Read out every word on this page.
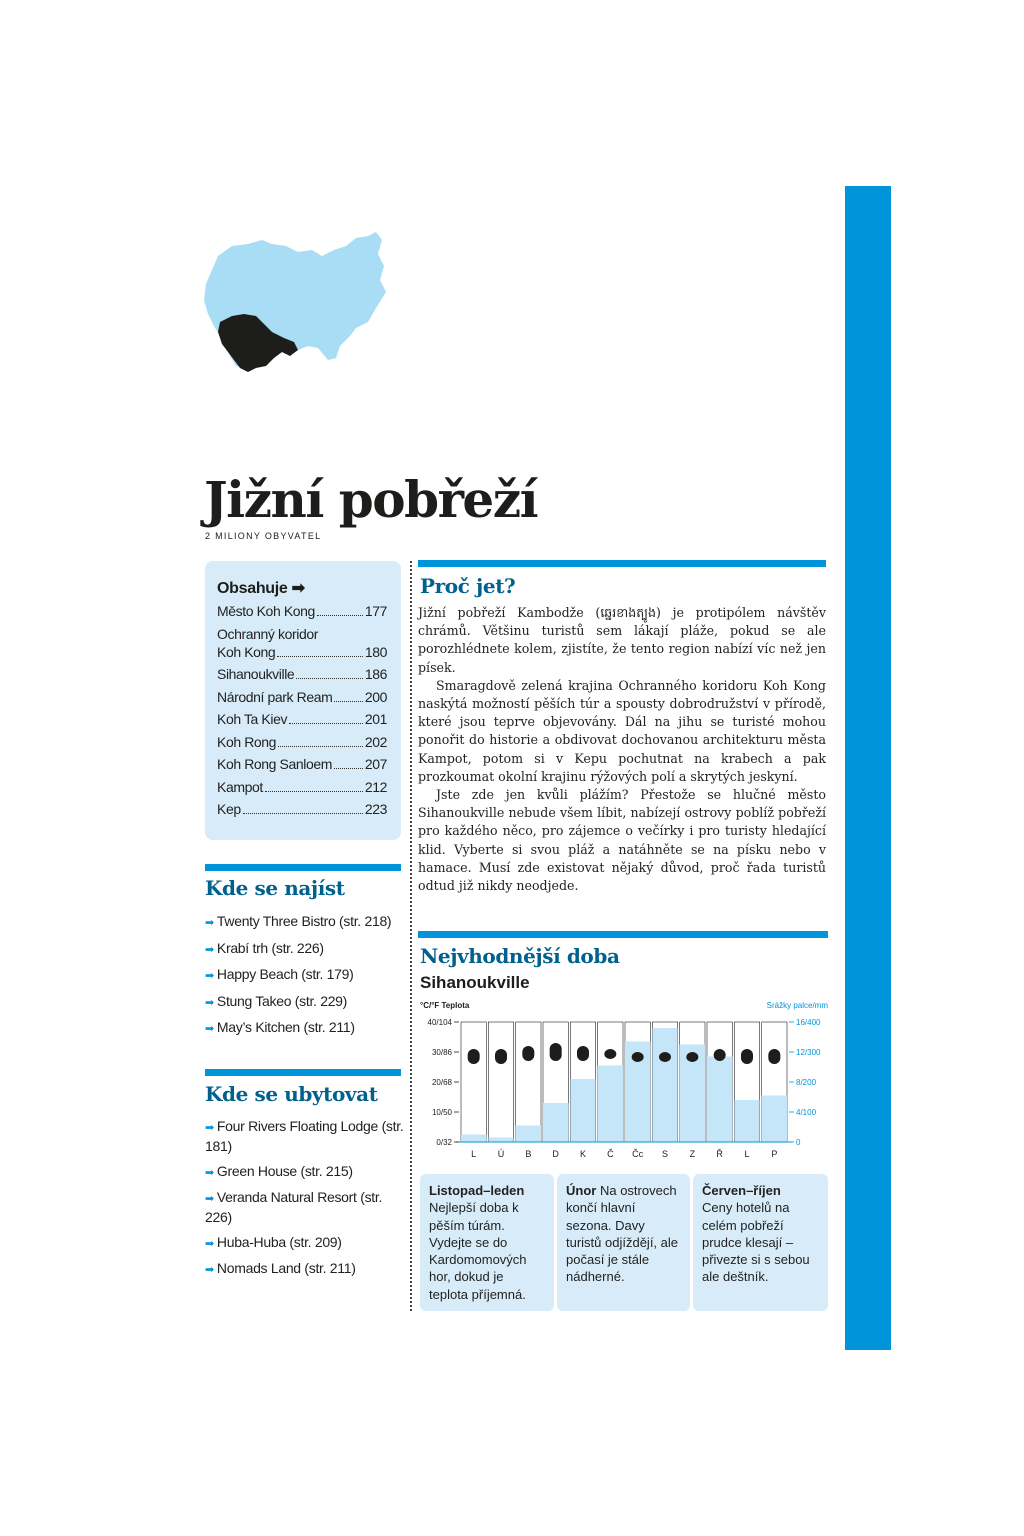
Jižní pobřeží
2 MILIONY OBYVATEL
Obsahuje ➡
Město Koh Kong	177
Ochranný koridor
Koh Kong	180
Sihanoukville	186
Národní park Ream 200
Koh Ta Kiev	201
Koh Rong	202
Koh Rong Sanloem 207
Kampot	212
Kep	223
Kde se najíst
➡ Twenty Three Bistro (str. 218)
➡ Krabí trh (str. 226)
➡ Happy Beach (str. 179)
➡ Stung Takeo (str. 229)
➡ May’s Kitchen (str. 211)
Kde se ubytovat
➡ Four Rivers Floating Lodge (str. 181)
➡ Green House (str. 215)
➡ Veranda Natural Resort (str. 226)
➡ Huba-Huba (str. 209)
➡ Nomads Land (str. 211)
Proč jet?

Jižní pobřeží Kambodže (ឆ្នេរខាងត្បូង) je protipólem návštěv chrámů. Většinu turistů sem lákají pláže, pokud se ale porozhlédnete kolem, zjistíte, že tento region nabízí víc než jen písek.

Smaragdově zelená krajina Ochranného koridoru Koh Kong naskýtá možností pěších túr a spousty dobrodružství v přírodě, které jsou teprve objevovány. Dál na jihu se turisté mohou ponořit do historie a obdivovat dochovanou architekturu města Kampot, potom si v Kepu pochutnat na krabech a pak prozkoumat okolní krajinu rýžových polí a skrytých jeskyní.

Jste zde jen kvůli plážím? Přestože se hlučné město Sihanoukville nebude všem líbit, nabízejí ostrovy poblíž pobřeží pro každého něco, pro zájemce o večírky i pro turisty hledající klid. Vyberte si svou pláž a natáhněte se na písku nebo v hamace. Musí zde existovat nějaký důvod, proč řada turistů odtud již nikdy neodjede.

Nejvhodnější doba
Sihanoukville
°C/°F Teplota	Srážky palce/mm
0/32
10/50
20/68
30/86
40/104
0
4/100
8/200
12/300
16/400
L Ú B D K Č Čc S Z Ř L P
Listopad–leden
Nejlepší doba k pěším túrám. Vydejte se do Kardomomových hor, dokud je teplota příjemná.
Únor Na ostrovech končí hlavní sezona. Davy turistů odjíždějí, ale počasí je stále nádherné.
Červen–říjen
Ceny hotelů na celém pobřeží prudce klesají – přivezte si s sebou ale deštník.
